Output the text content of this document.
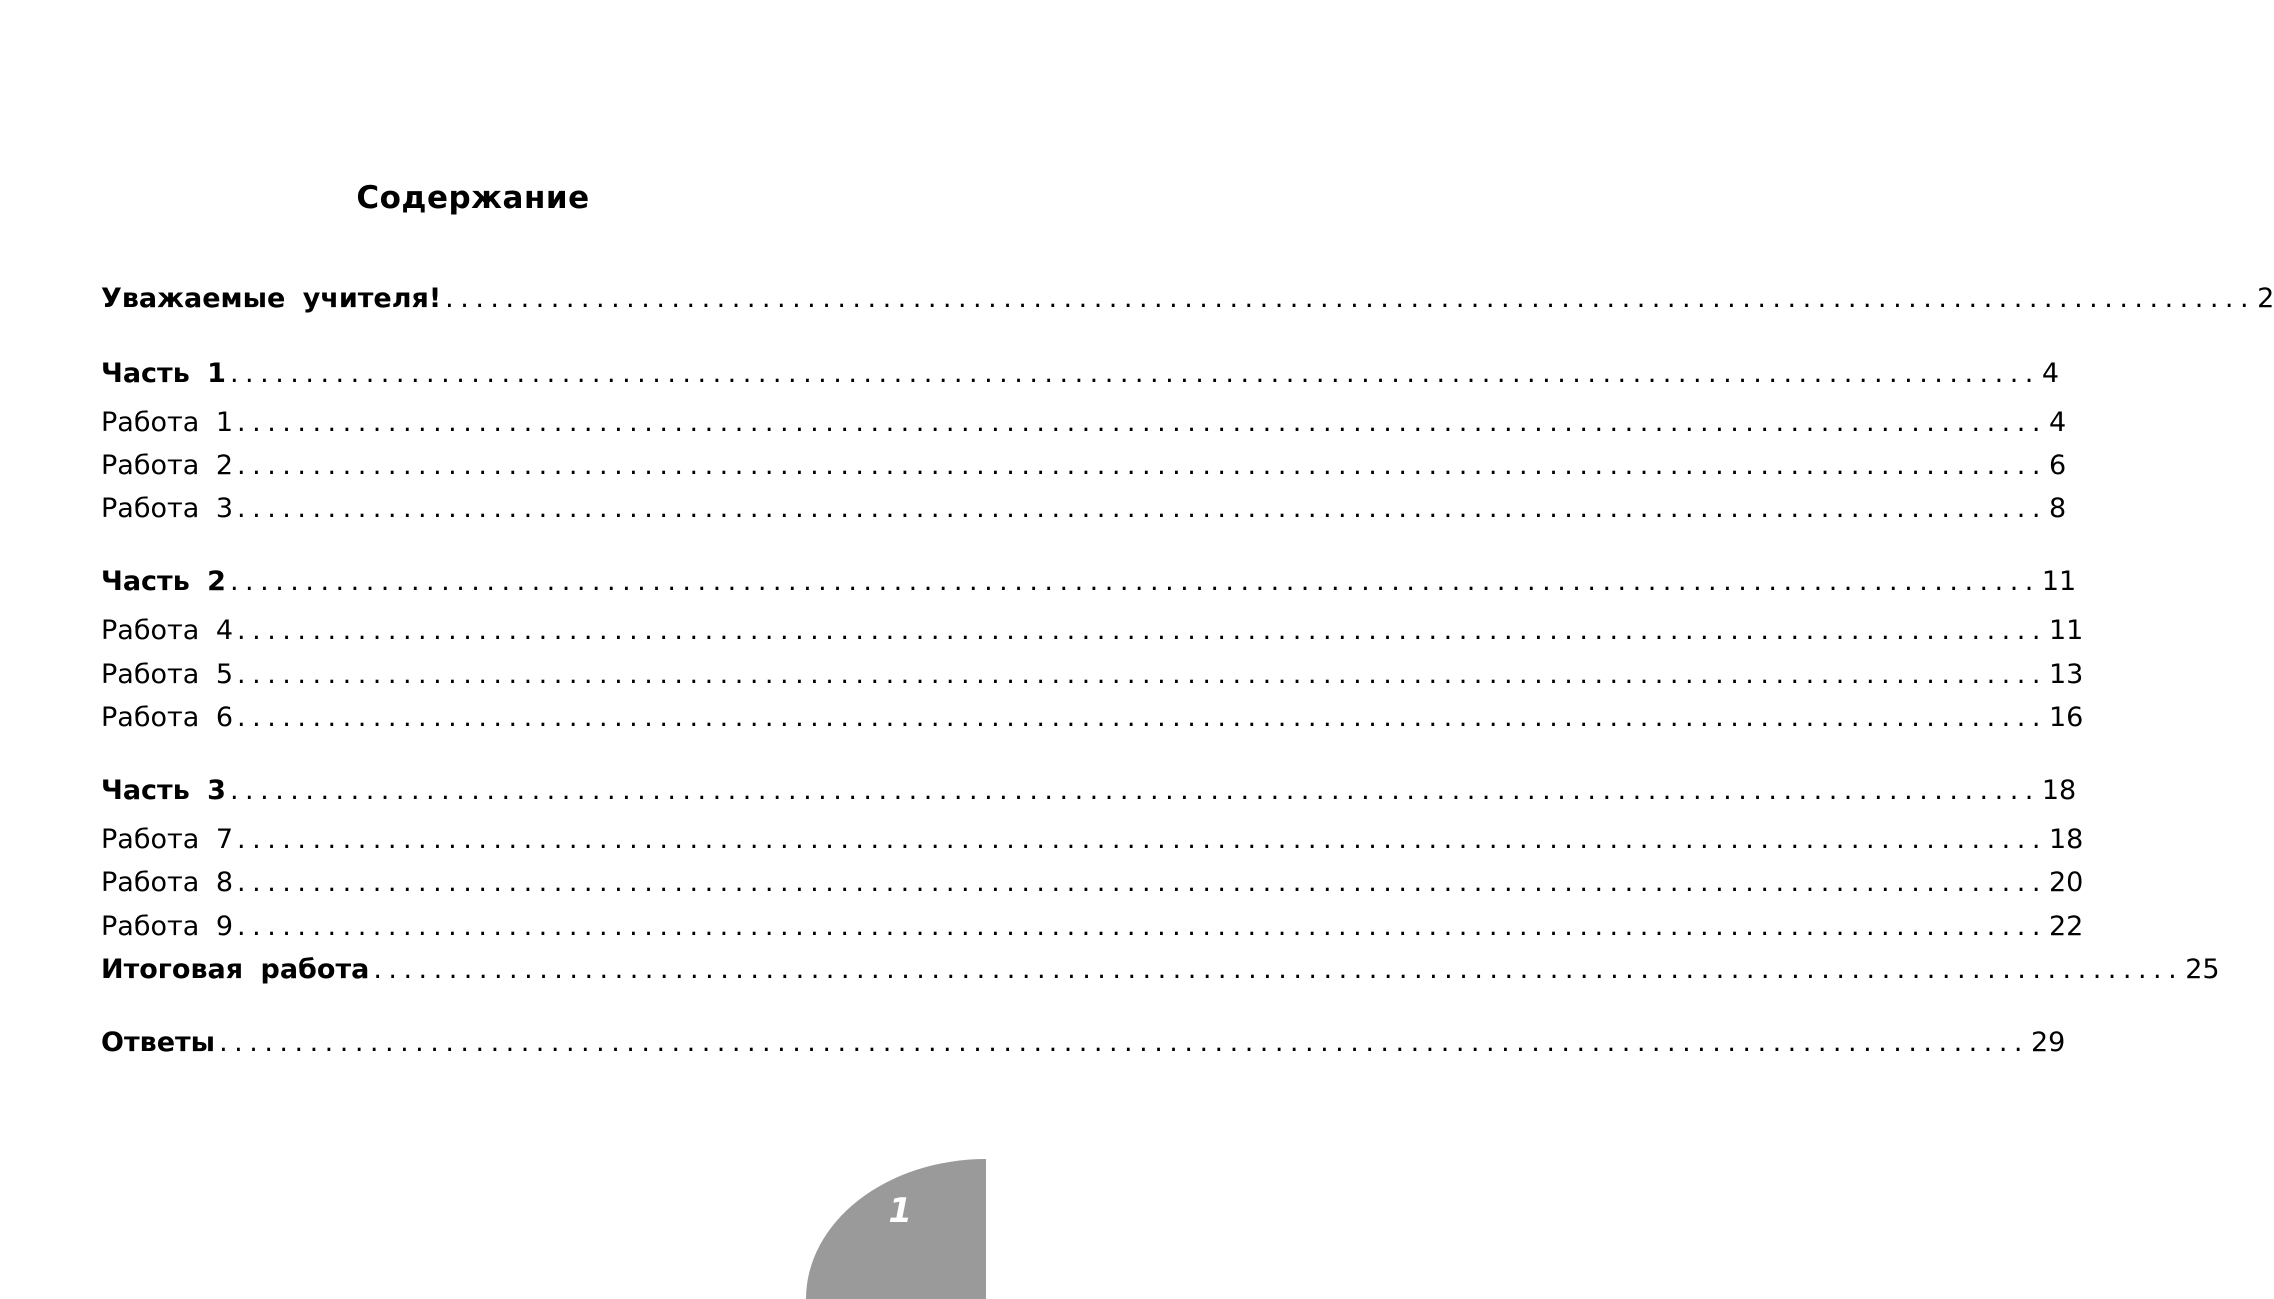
Содержание
Уважаемые учителя! ........................................................................................................................ 2
Часть 1 ........................................................................................................................ 4
Работа 1 ........................................................................................................................ 4
Работа 2 ........................................................................................................................ 6
Работа 3 ........................................................................................................................ 8
Часть 2 ........................................................................................................................ 11
Работа 4 ........................................................................................................................ 11
Работа 5 ........................................................................................................................ 13
Работа 6 ........................................................................................................................ 16
Часть 3 ........................................................................................................................ 18
Работа 7 ........................................................................................................................ 18
Работа 8 ........................................................................................................................ 20
Работа 9 ........................................................................................................................ 22
Итоговая работа ........................................................................................................................ 25
Ответы ........................................................................................................................ 29
1
